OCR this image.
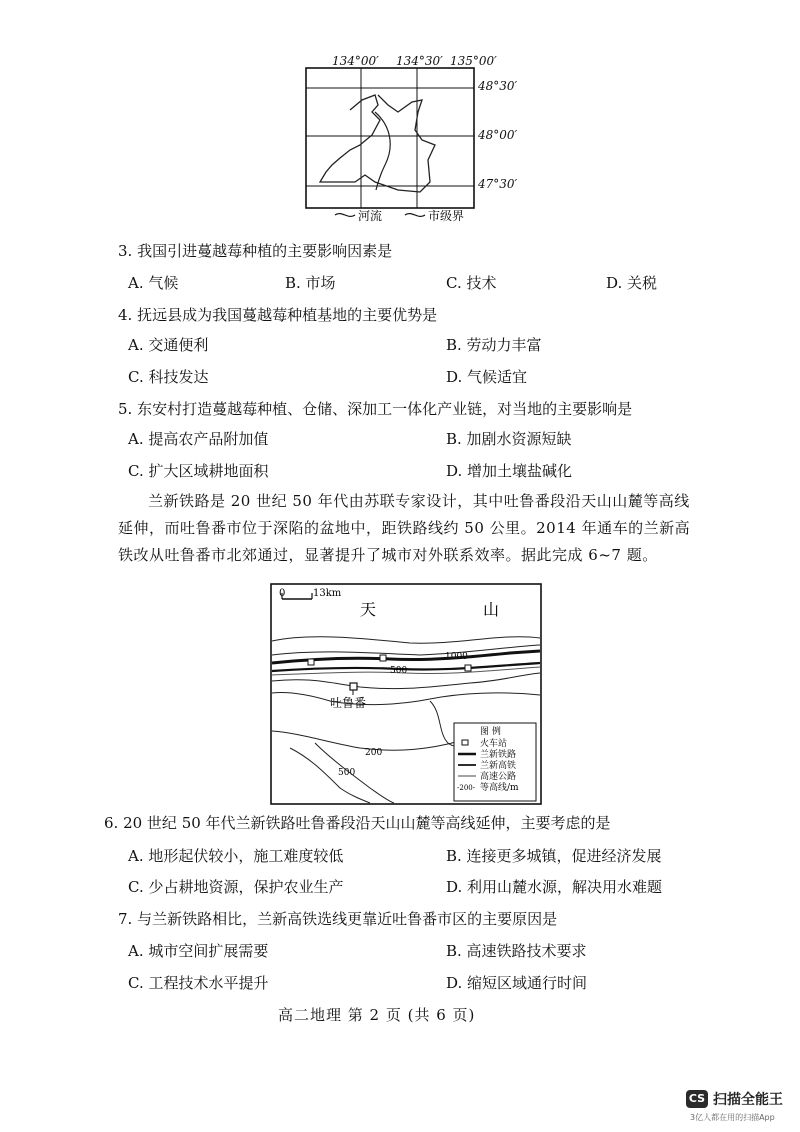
134°00′ 134°30′ 135°00′
48°30′
48°00′
47°30′
河流	市级界
3. 我国引进蔓越莓种植的主要影响因素是
A. 气候	B. 市场	C. 技术	D. 关税
4. 抚远县成为我国蔓越莓种植基地的主要优势是
A. 交通便利	B. 劳动力丰富
C. 科技发达	D. 气候适宜
5. 东安村打造蔓越莓种植、仓储、深加工一体化产业链，对当地的主要影响是
A. 提高农产品附加值	B. 加剧水资源短缺
C. 扩大区域耕地面积	D. 增加土壤盐碱化
兰新铁路是 20 世纪 50 年代由苏联专家设计，其中吐鲁番段沿天山山麓等高线延伸，而吐鲁番市位于深陷的盆地中，距铁路线约 50 公里。2014 年通车的兰新高铁改从吐鲁番市北郊通过，显著提升了城市对外联系效率。据此完成 6~7 题。
0	13km
天	山
1000
500
吐鲁番
200
500
图 例
火车站
兰新铁路
兰新高铁
高速公路
-200- 等高线/m
6. 20 世纪 50 年代兰新铁路吐鲁番段沿天山山麓等高线延伸，主要考虑的是
A. 地形起伏较小，施工难度较低	B. 连接更多城镇，促进经济发展
C. 少占耕地资源，保护农业生产	D. 利用山麓水源，解决用水难题
7. 与兰新铁路相比，兰新高铁选线更靠近吐鲁番市区的主要原因是
A. 城市空间扩展需要	B. 高速铁路技术要求
C. 工程技术水平提升	D. 缩短区域通行时间
高二地理 第 2 页 (共 6 页)
CS 扫描全能王
3亿人都在用的扫描App
